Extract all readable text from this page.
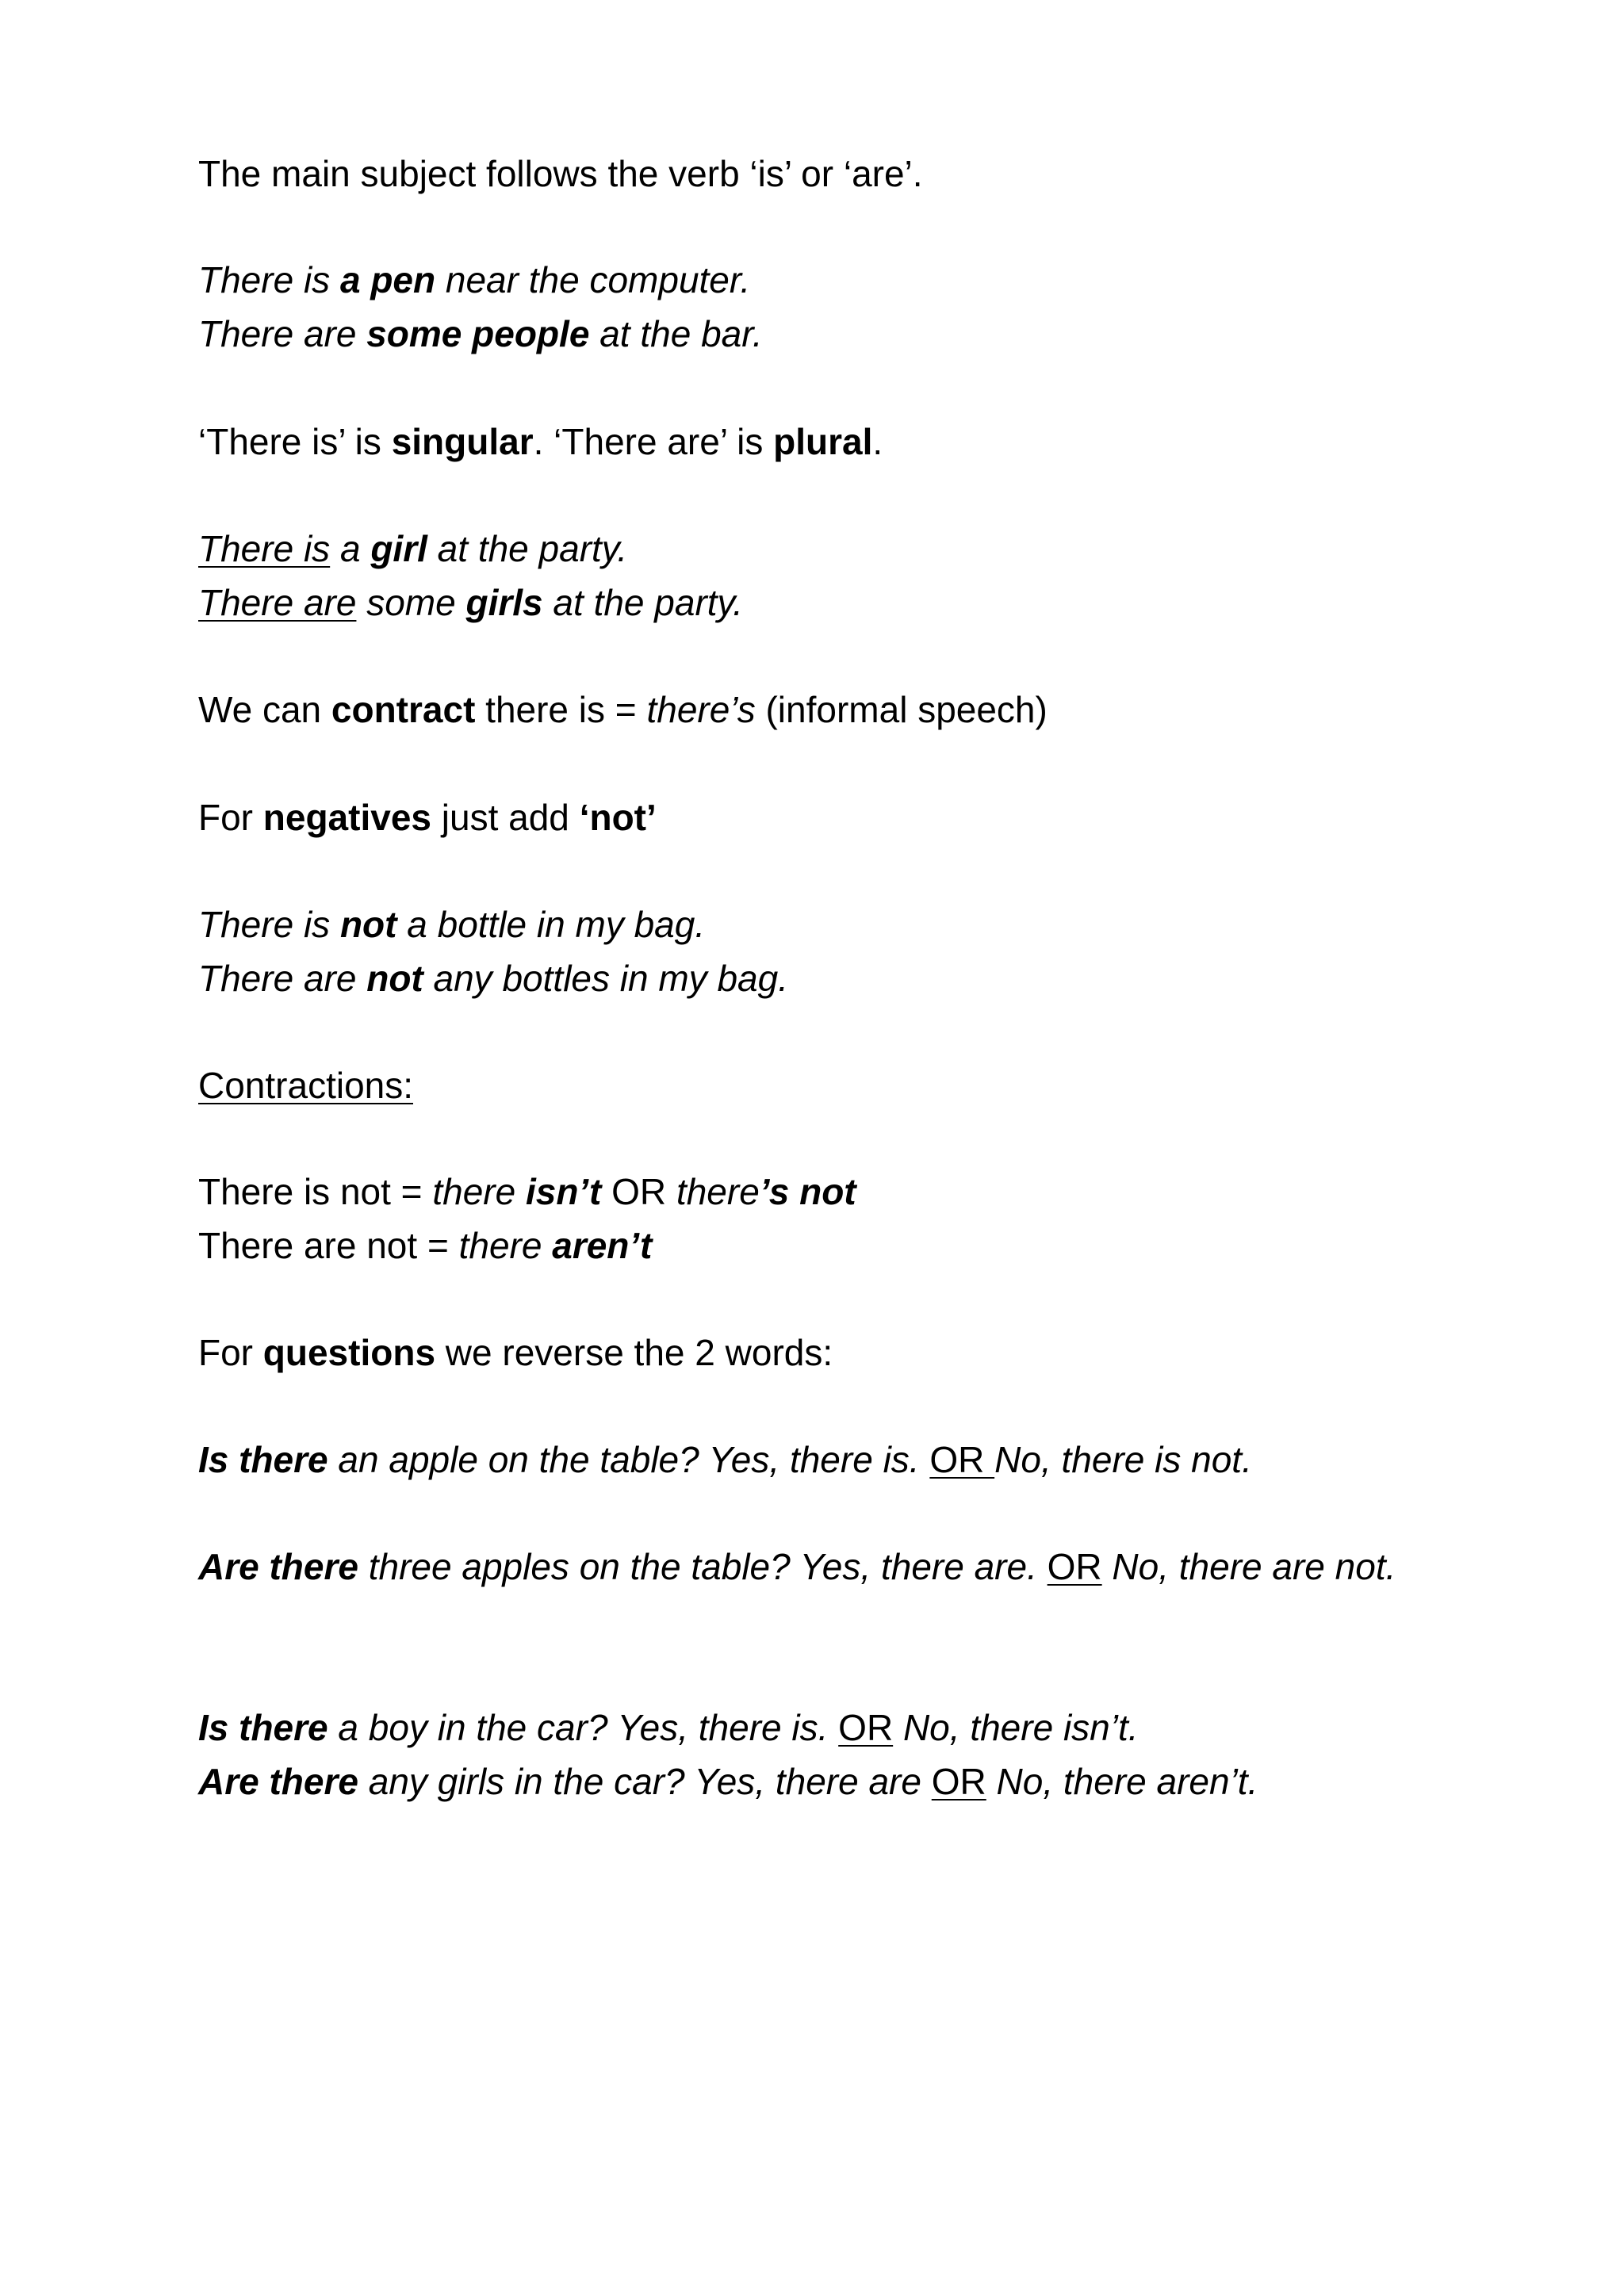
The main subject follows the verb ‘is’ or ‘are’.
There is a pen near the computer.
There are some people at the bar.
‘There is’ is singular. ‘There are’ is plural.
There is a girl at the party.
There are some girls at the party.
We can contract there is = there’s (informal speech)
For negatives just add ‘not’
There is not a bottle in my bag.
There are not any bottles in my bag.
Contractions:
There is not = there isn’t OR there’s not
There are not = there aren’t
For questions we reverse the 2 words:
Is there an apple on the table? Yes, there is. OR No, there is not.
Are there three apples on the table? Yes, there are. OR No, there are not.
Is there a boy in the car? Yes, there is. OR No, there isn’t.
Are there any girls in the car? Yes, there are OR No, there aren’t.
